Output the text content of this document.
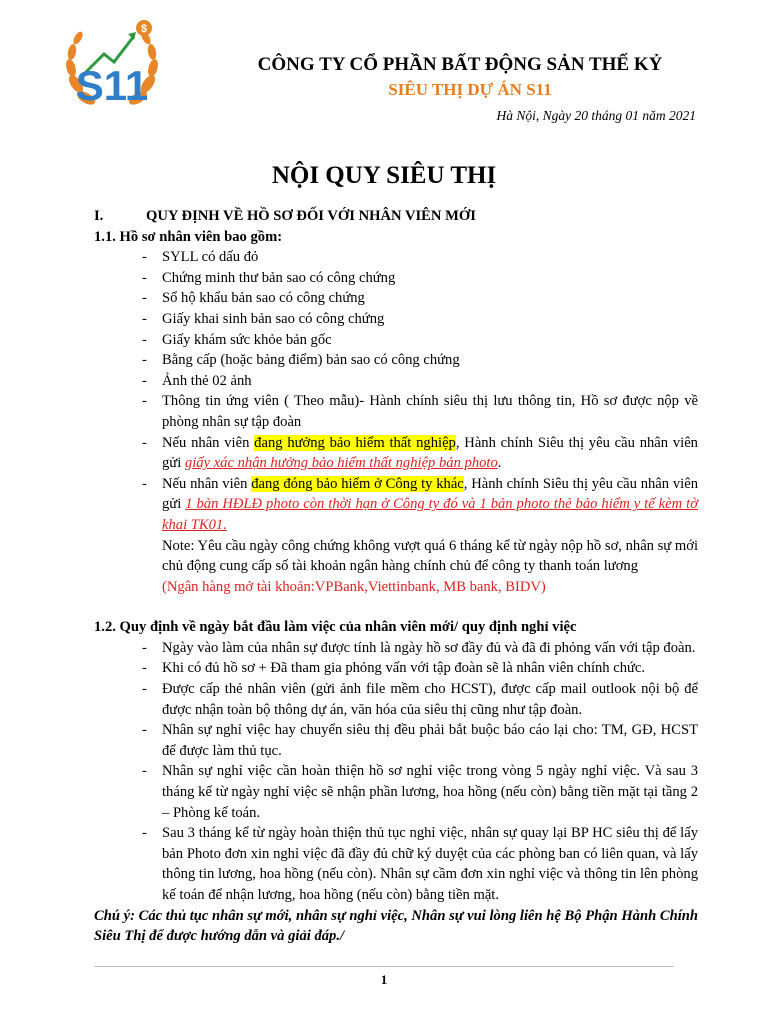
$
S11	CÔNG TY CỔ PHẦN BẤT ĐỘNG SẢN THẾ KỶ
SIÊU THỊ DỰ ÁN S11
Hà Nội, Ngày 20 tháng 01 năm 2021
NỘI QUY SIÊU THỊ

I.	QUY ĐỊNH VỀ HỒ SƠ ĐỐI VỚI NHÂN VIÊN MỚI

1.1. Hồ sơ nhân viên bao gồm:

- SYLL có dấu đỏ
- Chứng minh thư bản sao có công chứng
- Sổ hộ khẩu bản sao có công chứng
- Giấy khai sinh bản sao có công chứng
- Giấy khám sức khỏe bản gốc
- Bằng cấp (hoặc bảng điểm) bản sao có công chứng
- Ảnh thẻ 02 ảnh
- Thông tin ứng viên ( Theo mẫu)- Hành chính siêu thị lưu thông tin, Hồ sơ được nộp về phòng nhân sự tập đoàn
- Nếu nhân viên đang hưởng bảo hiểm thất nghiệp, Hành chính Siêu thị yêu cầu nhân viên gửi giấy xác nhận hưởng bảo hiểm thất nghiệp bản photo.
- Nếu nhân viên đang đóng bảo hiểm ở Công ty khác, Hành chính Siêu thị yêu cầu nhân viên gửi 1 bản HĐLĐ photo còn thời hạn ở Công ty đó và 1 bản photo thẻ bảo hiểm y tế kèm tờ khai TK01.

Note: Yêu cầu ngày công chứng không vượt quá 6 tháng kể từ ngày nộp hồ sơ, nhân sự mới chủ động cung cấp số tài khoản ngân hàng chính chủ để công ty thanh toán lương

(Ngân hàng mở tài khoản:VPBank,Viettinbank, MB bank, BIDV)

1.2. Quy định về ngày bắt đầu làm việc của nhân viên mới/ quy định nghỉ việc

- Ngày vào làm của nhân sự được tính là ngày hồ sơ đầy đủ và đã đi phỏng vấn với tập đoàn.
- Khi có đủ hồ sơ + Đã tham gia phỏng vấn với tập đoàn sẽ là nhân viên chính chức.
- Được cấp thẻ nhân viên (gửi ảnh file mềm cho HCST), được cấp mail outlook nội bộ để được nhận toàn bộ thông dự án, văn hóa của siêu thị cũng như tập đoàn.
- Nhân sự nghỉ việc hay chuyển siêu thị đều phải bắt buộc báo cáo lại cho: TM, GĐ, HCST để được làm thủ tục.
- Nhân sự nghỉ việc cần hoàn thiện hồ sơ nghỉ việc trong vòng 5 ngày nghỉ việc. Và sau 3 tháng kể từ ngày nghỉ việc sẽ nhận phần lương, hoa hồng (nếu còn) bằng tiền mặt tại tầng 2 – Phòng kế toán.
- Sau 3 tháng kể từ ngày hoàn thiện thủ tục nghỉ việc, nhân sự quay lại BP HC siêu thị để lấy bản Photo đơn xin nghỉ việc đã đầy đủ chữ ký duyệt của các phòng ban có liên quan, và lấy thông tin lương, hoa hồng (nếu còn). Nhân sự cầm đơn xin nghỉ việc và thông tin lên phòng kế toán để nhận lương, hoa hồng (nếu còn) bằng tiền mặt.

Chú ý: Các thủ tục nhân sự mới, nhân sự nghỉ việc, Nhân sự vui lòng liên hệ Bộ Phận Hành Chính Siêu Thị để được hướng dẫn và giải đáp./

1
